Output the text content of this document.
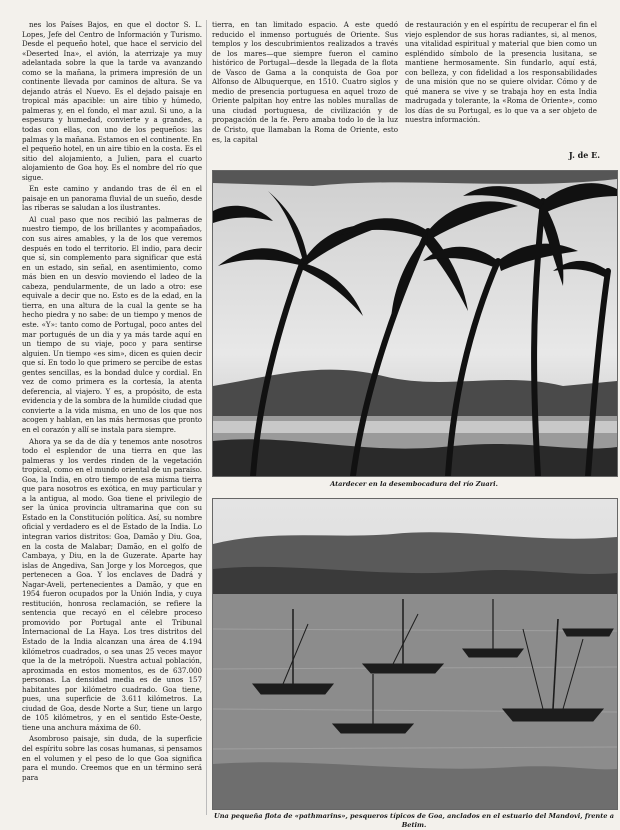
nes los Países Bajos, en que el doctor S. L. Lopes, Jefe del Centro de Información y Turismo. Desde el pequeño hotel, que hace el servicio del «Deserted Ina», el avión, la aterrizaje ya muy adelantada sobre la que la tarde va avanzando como se la mañana, la primera impresión de un continente llevada por caminos de altura. Se va dejando atrás el Nuevo. Es el dejado paisaje en tropical más apacible: un aire tibio y húmedo, palmeras y, en el fondo, el mar azul. Si uno, a la espesura y humedad, convierte y a grandes, a todas con ellas, con uno de los pequeños: las palmas y la mañana. Estamos en el continente. En el pequeño hotel, en un aire tibio en la costa. Es el sitio del alojamiento, a Julien, para el cuarto alojamiento de Goa hoy. Es el nombre del río que sigue.

En este camino y andando tras de él en el paisaje en un panorama fluvial de un sueño, desde las riberas se saludan a los ilustrantes.

Al cual paso que nos recibió las palmeras de nuestro tiempo, de los brillantes y acompañados, con sus aires amables, y la de los que veremos después en todo el territorio. El indio, para decir que sí, sin complemento para significar que está en un estado, sin señal, en asentimiento, como más bien en un desvío moviendo el ladeo de la cabeza, pendularmente, de un lado a otro: ese equivale a decir que no. Esto es de la edad, en la tierra, en una altura de la cual la gente se ha hecho piedra y no sabe: de un tiempo y menos de este. «Y»: tanto como de Portugal, poco antes del mar portugués de un dia y ya más tarde aquí en un tiempo de su viaje, poco y para sentirse alguien. Un tiempo «es sim», dicen es quien decir que sí. En todo lo que primero se percibe de estas gentes sencillas, es la bondad dulce y cordial. En vez de como primera es la cortesía, la atenta deferencia, al viajero. Y es, a propósito, de esta evidencia y de la sombra de la humilde ciudad que convierte a la vida misma, en uno de los que nos acogen y hablan, en las más hermosas que pronto en el corazón y allí se instala para siempre.

Ahora ya se da de día y tenemos ante nosotros todo el esplendor de una tierra en que las palmeras y los verdes rinden de la vegetación tropical, como en el mundo oriental de un paraíso. Goa, la India, en otro tiempo de esa misma tierra que para nosotros es exótica, en muy particular y a la antigua, al modo. Goa tiene el privilegio de ser la única provincia ultramarina que con su Estado en la Constitución política. Así, su nombre oficial y verdadero es el de Estado de la India. Lo integran varios distritos: Goa, Damão y Diu. Goa, en la costa de Malabar; Damão, en el golfo de Cambaya, y Diu, en la de Guzerate. Aparte hay islas de Angediva, San Jorge y los Morcegos, que pertenecen a Goa. Y los enclaves de Dadrá y Nagar-Aveli, pertenecientes a Damão, y que en 1954 fueron ocupados por la Unión India, y cuya restitución, honrosa reclamación, se refiere la sentencia que recayó en el célebre proceso promovido por Portugal ante el Tribunal Internacional de La Haya. Los tres distritos del Estado de la India alcanzan una área de 4.194 kilómetros cuadrados, o sea unas 25 veces mayor que la de la metrópoli. Nuestra actual población, aproximada en estos momentos, es de 637.000 personas. La densidad media es de unos 157 habitantes por kilómetro cuadrado. Goa tiene, pues, una superficie de 3.611 kilómetros. La ciudad de Goa, desde Norte a Sur, tiene un largo de 105 kilómetros, y en el sentido Este-Oeste, tiene una anchura máxima de 60.

Asombroso paisaje, sin duda, de la superficie del espíritu sobre las cosas humanas, si pensamos en el volumen y el peso de lo que Goa significa para el mundo. Creemos que en un término será para

tierra, en tan limitado espacio. A este quedó reducido el inmenso portugués de Oriente. Sus templos y los descubrimientos realizados a través de los mares—que siempre fueron el camino histórico de Portugal—desde la llegada de la flota de Vasco de Gama a la conquista de Goa por Alfonso de Albuquerque, en 1510. Cuatro siglos y medio de presencia portuguesa en aquel trozo de Oriente palpitan hoy entre las nobles murallas de una ciudad portuguesa, de civilización y de propagación de la fe. Pero amaba todo lo de la luz de Cristo, que llamaban la Roma de Oriente, esto es, la capital

de restauración y en el espíritu de recuperar el fin el viejo esplendor de sus horas radiantes, si, al menos, una vitalidad espiritual y material que bien como un espléndido símbolo de la presencia lusitana, se mantiene hermosamente. Sin fundarlo, aquí está, con belleza, y con fidelidad a los responsabilidades de una misión que no se quiere olvidar. Cómo y de qué manera se vive y se trabaja hoy en esta India madrugada y tolerante, la «Roma de Oriente», como los días de su Portugal, es lo que va a ser objeto de nuestra información.

J. de E.
Atardecer en la desembocadura del río Zuari.
Una pequeña flota de «pathmarins», pesqueros típicos de Goa, anclados en el estuario del Mandovi, frente a Betim.
